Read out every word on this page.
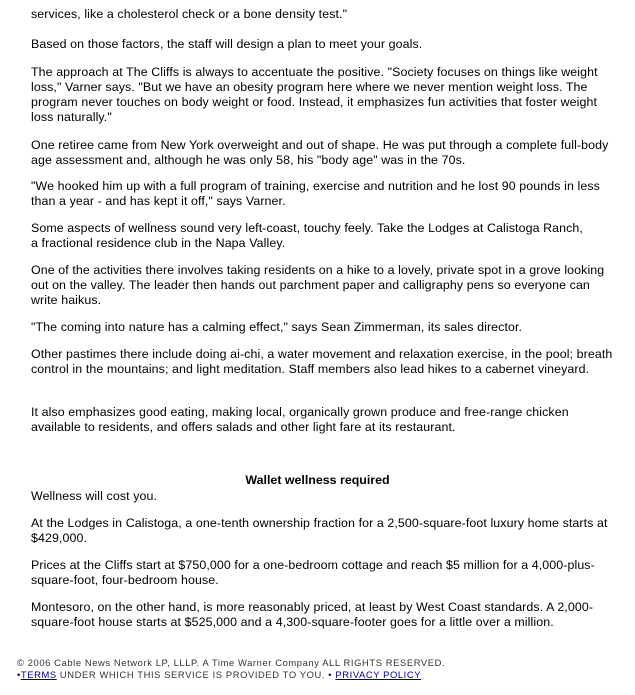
services, like a cholesterol check or a bone density test."

Based on those factors, the staff will design a plan to meet your goals.

The approach at The Cliffs is always to accentuate the positive. "Society focuses on things like weight loss," Varner says. "But we have an obesity program here where we never mention weight loss. The program never touches on body weight or food. Instead, it emphasizes fun activities that foster weight loss naturally."

One retiree came from New York overweight and out of shape. He was put through a complete full-body age assessment and, although he was only 58, his "body age" was in the 70s.

"We hooked him up with a full program of training, exercise and nutrition and he lost 90 pounds in less than a year - and has kept it off," says Varner.

Some aspects of wellness sound very left-coast, touchy feely. Take the Lodges at Calistoga Ranch, a fractional residence club in the Napa Valley.

One of the activities there involves taking residents on a hike to a lovely, private spot in a grove looking out on the valley. The leader then hands out parchment paper and calligraphy pens so everyone can write haikus.

"The coming into nature has a calming effect," says Sean Zimmerman, its sales director.

Other pastimes there include doing ai-chi, a water movement and relaxation exercise, in the pool; breath control in the mountains; and light meditation. Staff members also lead hikes to a cabernet vineyard.

It also emphasizes good eating, making local, organically grown produce and free-range chicken available to residents, and offers salads and other light fare at its restaurant.

Wellness will cost you.

At the Lodges in Calistoga, a one-tenth ownership fraction for a 2,500-square-foot luxury home starts at $429,000.

Prices at the Cliffs start at $750,000 for a one-bedroom cottage and reach $5 million for a 4,000-plus-square-foot, four-bedroom house.

Montesoro, on the other hand, is more reasonably priced, at least by West Coast standards. A 2,000-square-foot house starts at $525,000 and a 4,300-square-footer goes for a little over a million.

Wallet wellness required
© 2006 Cable News Network LP, LLLP. A Time Warner Company ALL RIGHTS RESERVED.
•TERMS UNDER WHICH THIS SERVICE IS PROVIDED TO YOU. • PRIVACY POLICY
